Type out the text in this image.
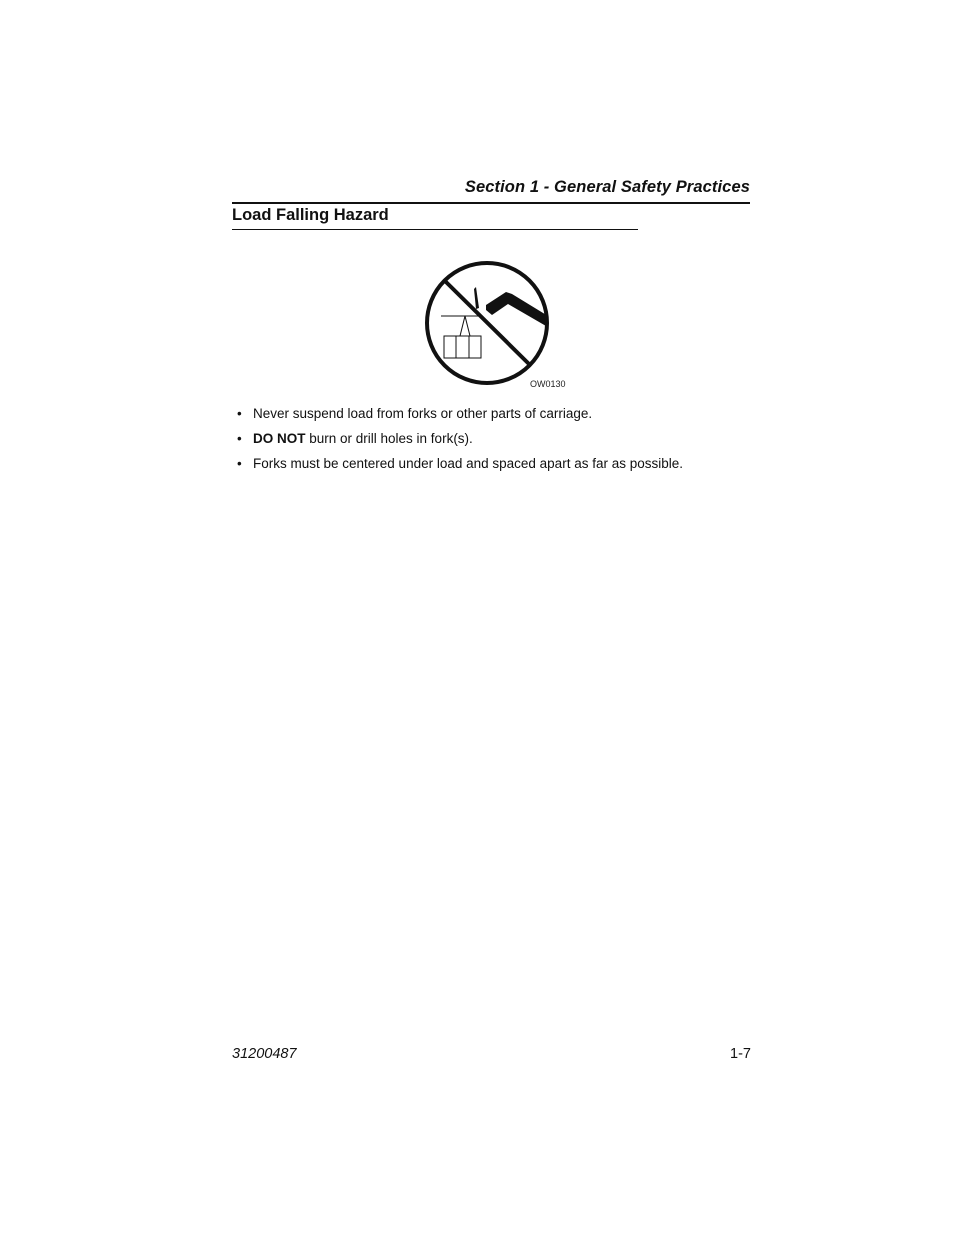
Section 1 - General Safety Practices
Load Falling Hazard
OW0130
• Never suspend load from forks or other parts of carriage.
• DO NOT burn or drill holes in fork(s).
• Forks must be centered under load and spaced apart as far as possible.
31200487	1-7
